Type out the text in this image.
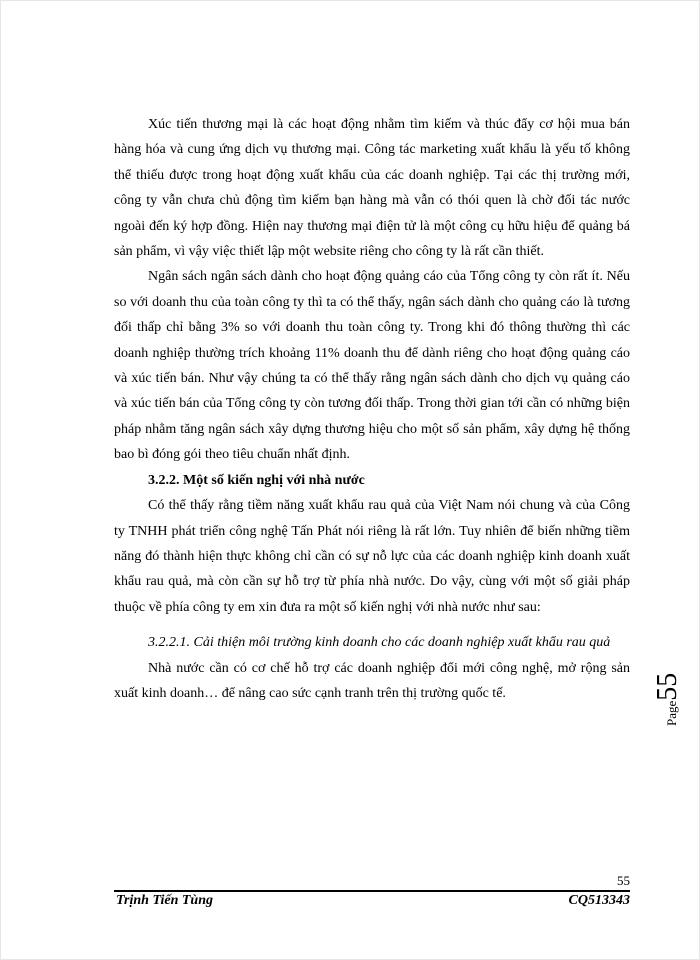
Xúc tiến thương mại là các hoạt động nhằm tìm kiếm và thúc đẩy cơ hội mua bán hàng hóa và cung ứng dịch vụ thương mại. Công tác marketing xuất khẩu là yếu tố không thể thiếu được trong hoạt động xuất khẩu của các doanh nghiệp. Tại các thị trường mới, công ty vẫn chưa chủ động tìm kiếm bạn hàng mà vẫn có thói quen là chờ đối tác nước ngoài đến ký hợp đồng. Hiện nay thương mại điện tử là một công cụ hữu hiệu để quảng bá sản phẩm, vì vậy việc thiết lập một website riêng cho công ty là rất cần thiết.

Ngân sách ngân sách dành cho hoạt động quảng cáo của Tổng công ty còn rất ít. Nếu so với doanh thu của toàn công ty thì ta có thể thấy, ngân sách dành cho quảng cáo là tương đối thấp chỉ bằng 3% so với doanh thu toàn công ty. Trong khi đó thông thường thì các doanh nghiệp thường trích khoảng 11% doanh thu để dành riêng cho hoạt động quảng cáo và xúc tiến bán. Như vậy chúng ta có thể thấy rằng ngân sách dành cho dịch vụ quảng cáo và xúc tiến bán của Tổng công ty còn tương đối thấp. Trong thời gian tới cần có những biện pháp nhằm tăng ngân sách xây dựng thương hiệu cho một số sản phẩm, xây dựng hệ thống bao bì đóng gói theo tiêu chuẩn nhất định.

3.2.2. Một số kiến nghị với nhà nước

Có thể thấy rằng tiềm năng xuất khẩu rau quả của Việt Nam nói chung và của Công ty TNHH phát triển công nghệ Tấn Phát nói riêng là rất lớn. Tuy nhiên để biến những tiềm năng đó thành hiện thực không chỉ cần có sự nỗ lực của các doanh nghiệp kinh doanh xuất khẩu rau quả, mà còn cần sự hỗ trợ từ phía nhà nước. Do vậy, cùng với một số giải pháp thuộc về phía công ty em xin đưa ra một số kiến nghị với nhà nước như sau:

3.2.2.1. Cải thiện môi trường kinh doanh cho các doanh nghiệp xuất khẩu rau quả

Nhà nước cần có cơ chế hỗ trợ các doanh nghiệp đổi mới công nghệ, mở rộng sản xuất kinh doanh… để nâng cao sức cạnh tranh trên thị trường quốc tế.

Page55
55
Trịnh Tiến Tùng	CQ513343
